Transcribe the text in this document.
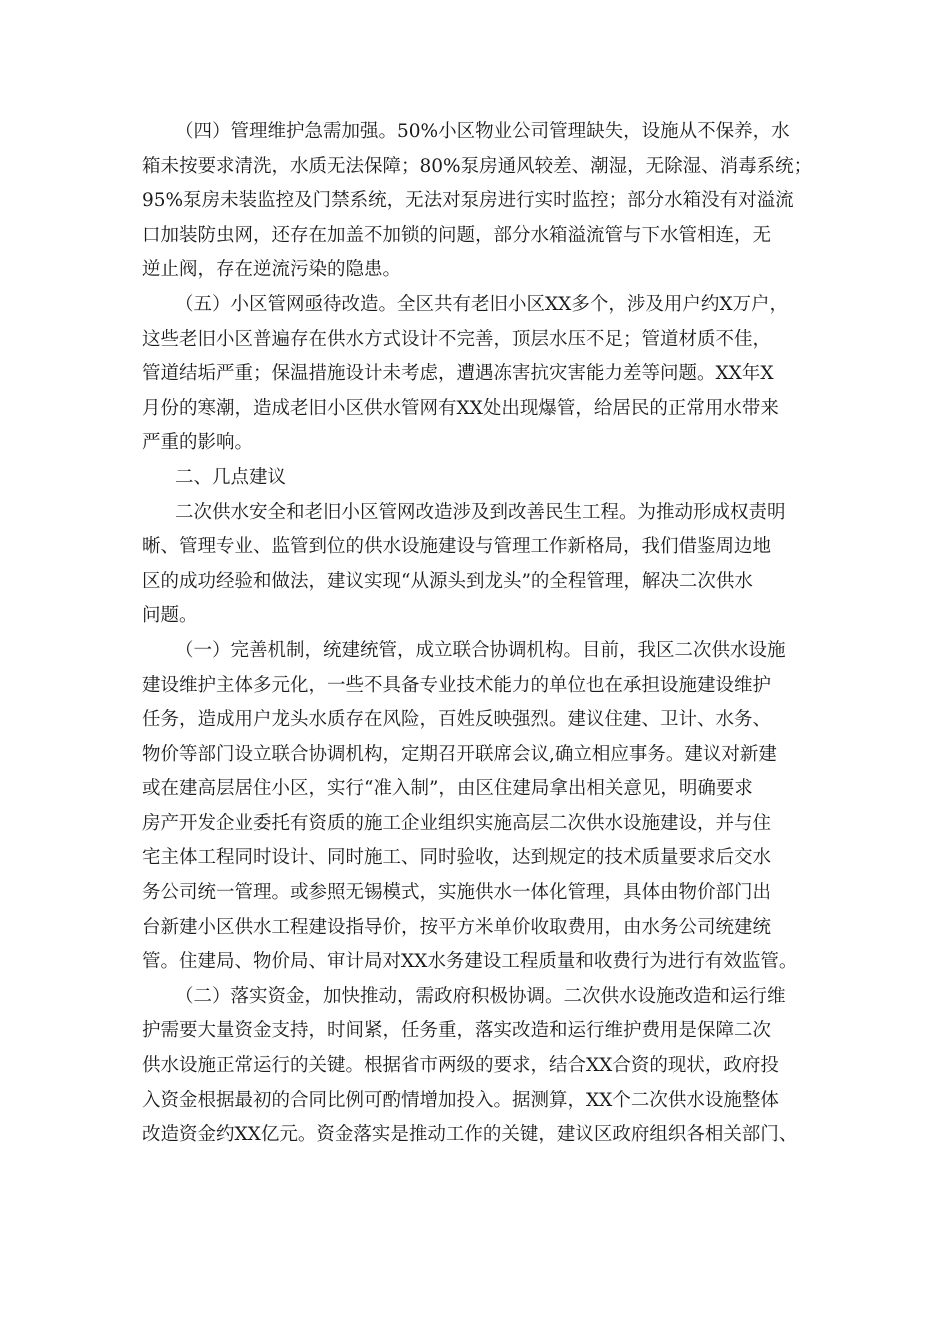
（四）管理维护急需加强。50%小区物业公司管理缺失，设施从不保养，水
箱未按要求清洗，水质无法保障；80%泵房通风较差、潮湿，无除湿、消毒系统；
95%泵房未装监控及门禁系统，无法对泵房进行实时监控；部分水箱没有对溢流
口加装防虫网，还存在加盖不加锁的问题，部分水箱溢流管与下水管相连，无
逆止阀，存在逆流污染的隐患。
（五）小区管网亟待改造。全区共有老旧小区XX多个，涉及用户约X万户，
这些老旧小区普遍存在供水方式设计不完善，顶层水压不足；管道材质不佳，
管道结垢严重；保温措施设计未考虑，遭遇冻害抗灾害能力差等问题。XX年X
月份的寒潮，造成老旧小区供水管网有XX处出现爆管，给居民的正常用水带来
严重的影响。
二、几点建议
二次供水安全和老旧小区管网改造涉及到改善民生工程。为推动形成权责明
晰、管理专业、监管到位的供水设施建设与管理工作新格局，我们借鉴周边地
区的成功经验和做法，建议实现“从源头到龙头”的全程管理，解决二次供水
问题。
（一）完善机制，统建统管，成立联合协调机构。目前，我区二次供水设施
建设维护主体多元化，一些不具备专业技术能力的单位也在承担设施建设维护
任务，造成用户龙头水质存在风险，百姓反映强烈。建议住建、卫计、水务、
物价等部门设立联合协调机构，定期召开联席会议,确立相应事务。建议对新建
或在建高层居住小区，实行“准入制”，由区住建局拿出相关意见，明确要求
房产开发企业委托有资质的施工企业组织实施高层二次供水设施建设，并与住
宅主体工程同时设计、同时施工、同时验收，达到规定的技术质量要求后交水
务公司统一管理。或参照无锡模式，实施供水一体化管理，具体由物价部门出
台新建小区供水工程建设指导价，按平方米单价收取费用，由水务公司统建统
管。住建局、物价局、审计局对XX水务建设工程质量和收费行为进行有效监管。
（二）落实资金，加快推动，需政府积极协调。二次供水设施改造和运行维
护需要大量资金支持，时间紧，任务重，落实改造和运行维护费用是保障二次
供水设施正常运行的关键。根据省市两级的要求，结合XX合资的现状，政府投
入资金根据最初的合同比例可酌情增加投入。据测算，XX个二次供水设施整体
改造资金约XX亿元。资金落实是推动工作的关键，建议区政府组织各相关部门、
